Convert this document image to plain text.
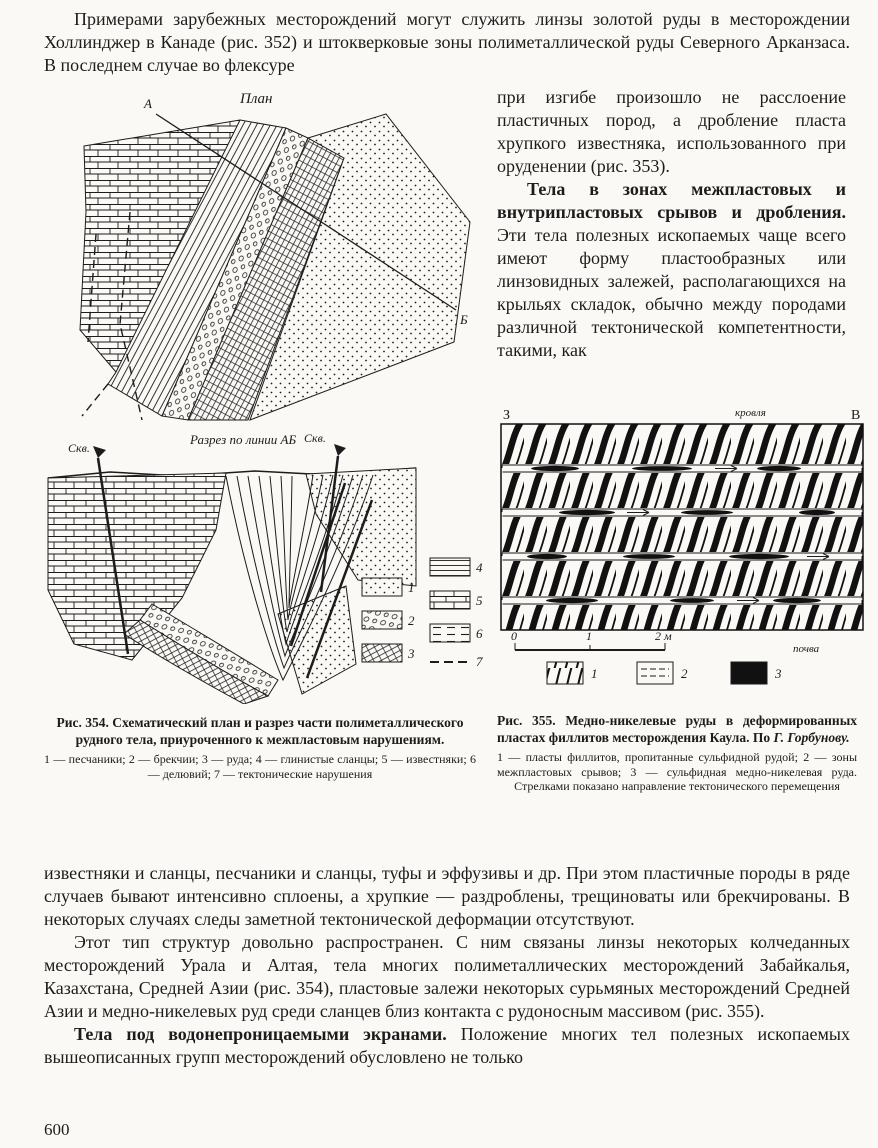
Примерами зарубежных месторождений могут служить линзы золотой руды в месторождении Холлинджер в Канаде (рис. 352) и штокверковые зоны полиметаллической руды Северного Арканзаса. В последнем случае во флексуре

План
А
Б

при изгибе произошло не расслоение пластичных пород, а дробление пласта хрупкого известняка, использованного при оруденении (рис. 353).

Тела в зонах межпластовых и внутрипластовых срывов и дробления. Эти тела полезных ископаемых чаще всего имеют форму пластообразных или линзовидных залежей, располагающихся на крыльях складок, обычно между породами различной тектонической компетентности, такими, как

Разрез по линии АБ
Скв.
Скв.
1
2
3
4
5
6
7
З	кровля	В
0	1	2 м
почва
1	2	3
Рис. 354. Схематический план и разрез части полиметаллического рудного тела, приуроченного к межпластовым нарушениям.
1 — песчаники; 2 — брекчии; 3 — руда; 4 — глинистые сланцы; 5 — известняки; 6 — делювий; 7 — тектонические нарушения
Рис. 355. Медно-никелевые руды в деформированных пластах филлитов месторождения Каула. По Г. Горбунову.
1 — пласты филлитов, пропитанные сульфидной рудой; 2 — зоны межпластовых срывов; 3 — сульфидная медно-никелевая руда. Стрелками показано направление тектонического перемещения

известняки и сланцы, песчаники и сланцы, туфы и эффузивы и др. При этом пластичные породы в ряде случаев бывают интенсивно сплоены, а хрупкие — раздроблены, трещиноваты или брекчированы. В некоторых случаях следы заметной тектонической деформации отсутствуют.

Этот тип структур довольно распространен. С ним связаны линзы некоторых колчеданных месторождений Урала и Алтая, тела многих полиметаллических месторождений Забайкалья, Казахстана, Средней Азии (рис. 354), пластовые залежи некоторых сурьмяных месторождений Средней Азии и медно-никелевых руд среди сланцев близ контакта с рудоносным массивом (рис. 355).

Тела под водонепроницаемыми экранами. Положение многих тел полезных ископаемых вышеописанных групп месторождений обусловлено не только

600
